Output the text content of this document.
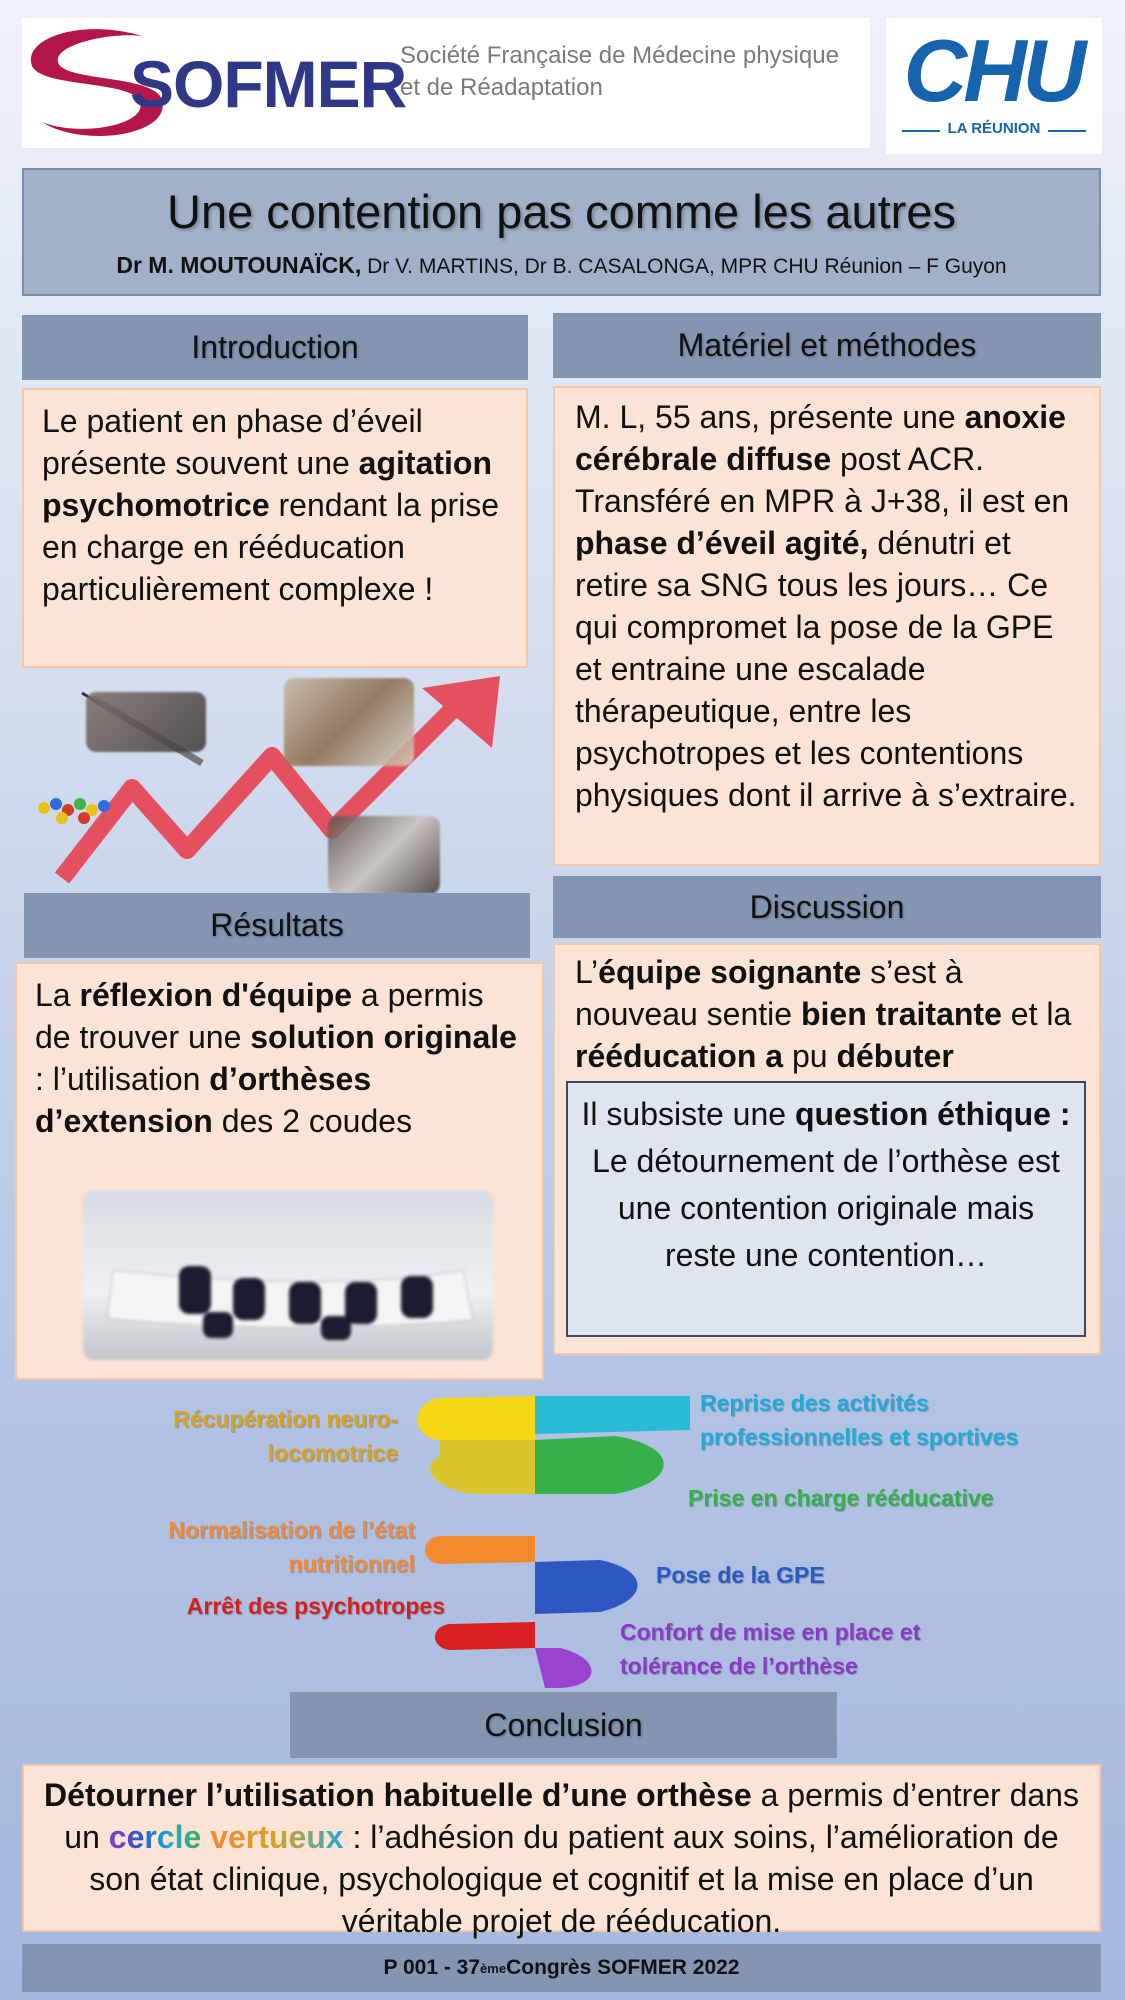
SOFMER
Société Française de Médecine physique
et de Réadaptation	CHU
LA RÉUNION
Une contention pas comme les autres
Dr M. MOUTOUNAÏCK, Dr V. MARTINS, Dr B. CASALONGA, MPR CHU Réunion – F Guyon
Introduction
Le patient en phase d’éveil présente souvent une agitation psychomotrice rendant la prise en charge en rééducation particulièrement complexe !
Matériel et méthodes
M. L, 55 ans, présente une anoxie cérébrale diffuse post ACR. Transféré en MPR à J+38, il est en phase d’éveil agité, dénutri et retire sa SNG tous les jours… Ce qui compromet la pose de la GPE et entraine une escalade thérapeutique, entre les psychotropes et les contentions physiques dont il arrive à s’extraire.
Résultats
La réflexion d'équipe a permis de trouver une solution originale : l’utilisation d’orthèses d’extension des 2 coudes
Discussion
L’équipe soignante s’est à nouveau sentie bien traitante et la rééducation a pu débuter
Il subsiste une question éthique :
Le détournement de l’orthèse est une contention originale mais reste une contention…
Récupération neuro-locomotrice
Normalisation de l’état nutritionnel
Arrêt des psychotropes
Reprise des activités professionnelles et sportives
Prise en charge rééducative
Pose de la GPE
Confort de mise en place et tolérance de l’orthèse
Conclusion
Détourner l’utilisation habituelle d’une orthèse a permis d’entrer dans un cercle vertueux : l’adhésion du patient aux soins, l’amélioration de son état clinique, psychologique et cognitif et la mise en place d’un véritable projet de rééducation.
P 001 - 37 ème Congrès SOFMER 2022
